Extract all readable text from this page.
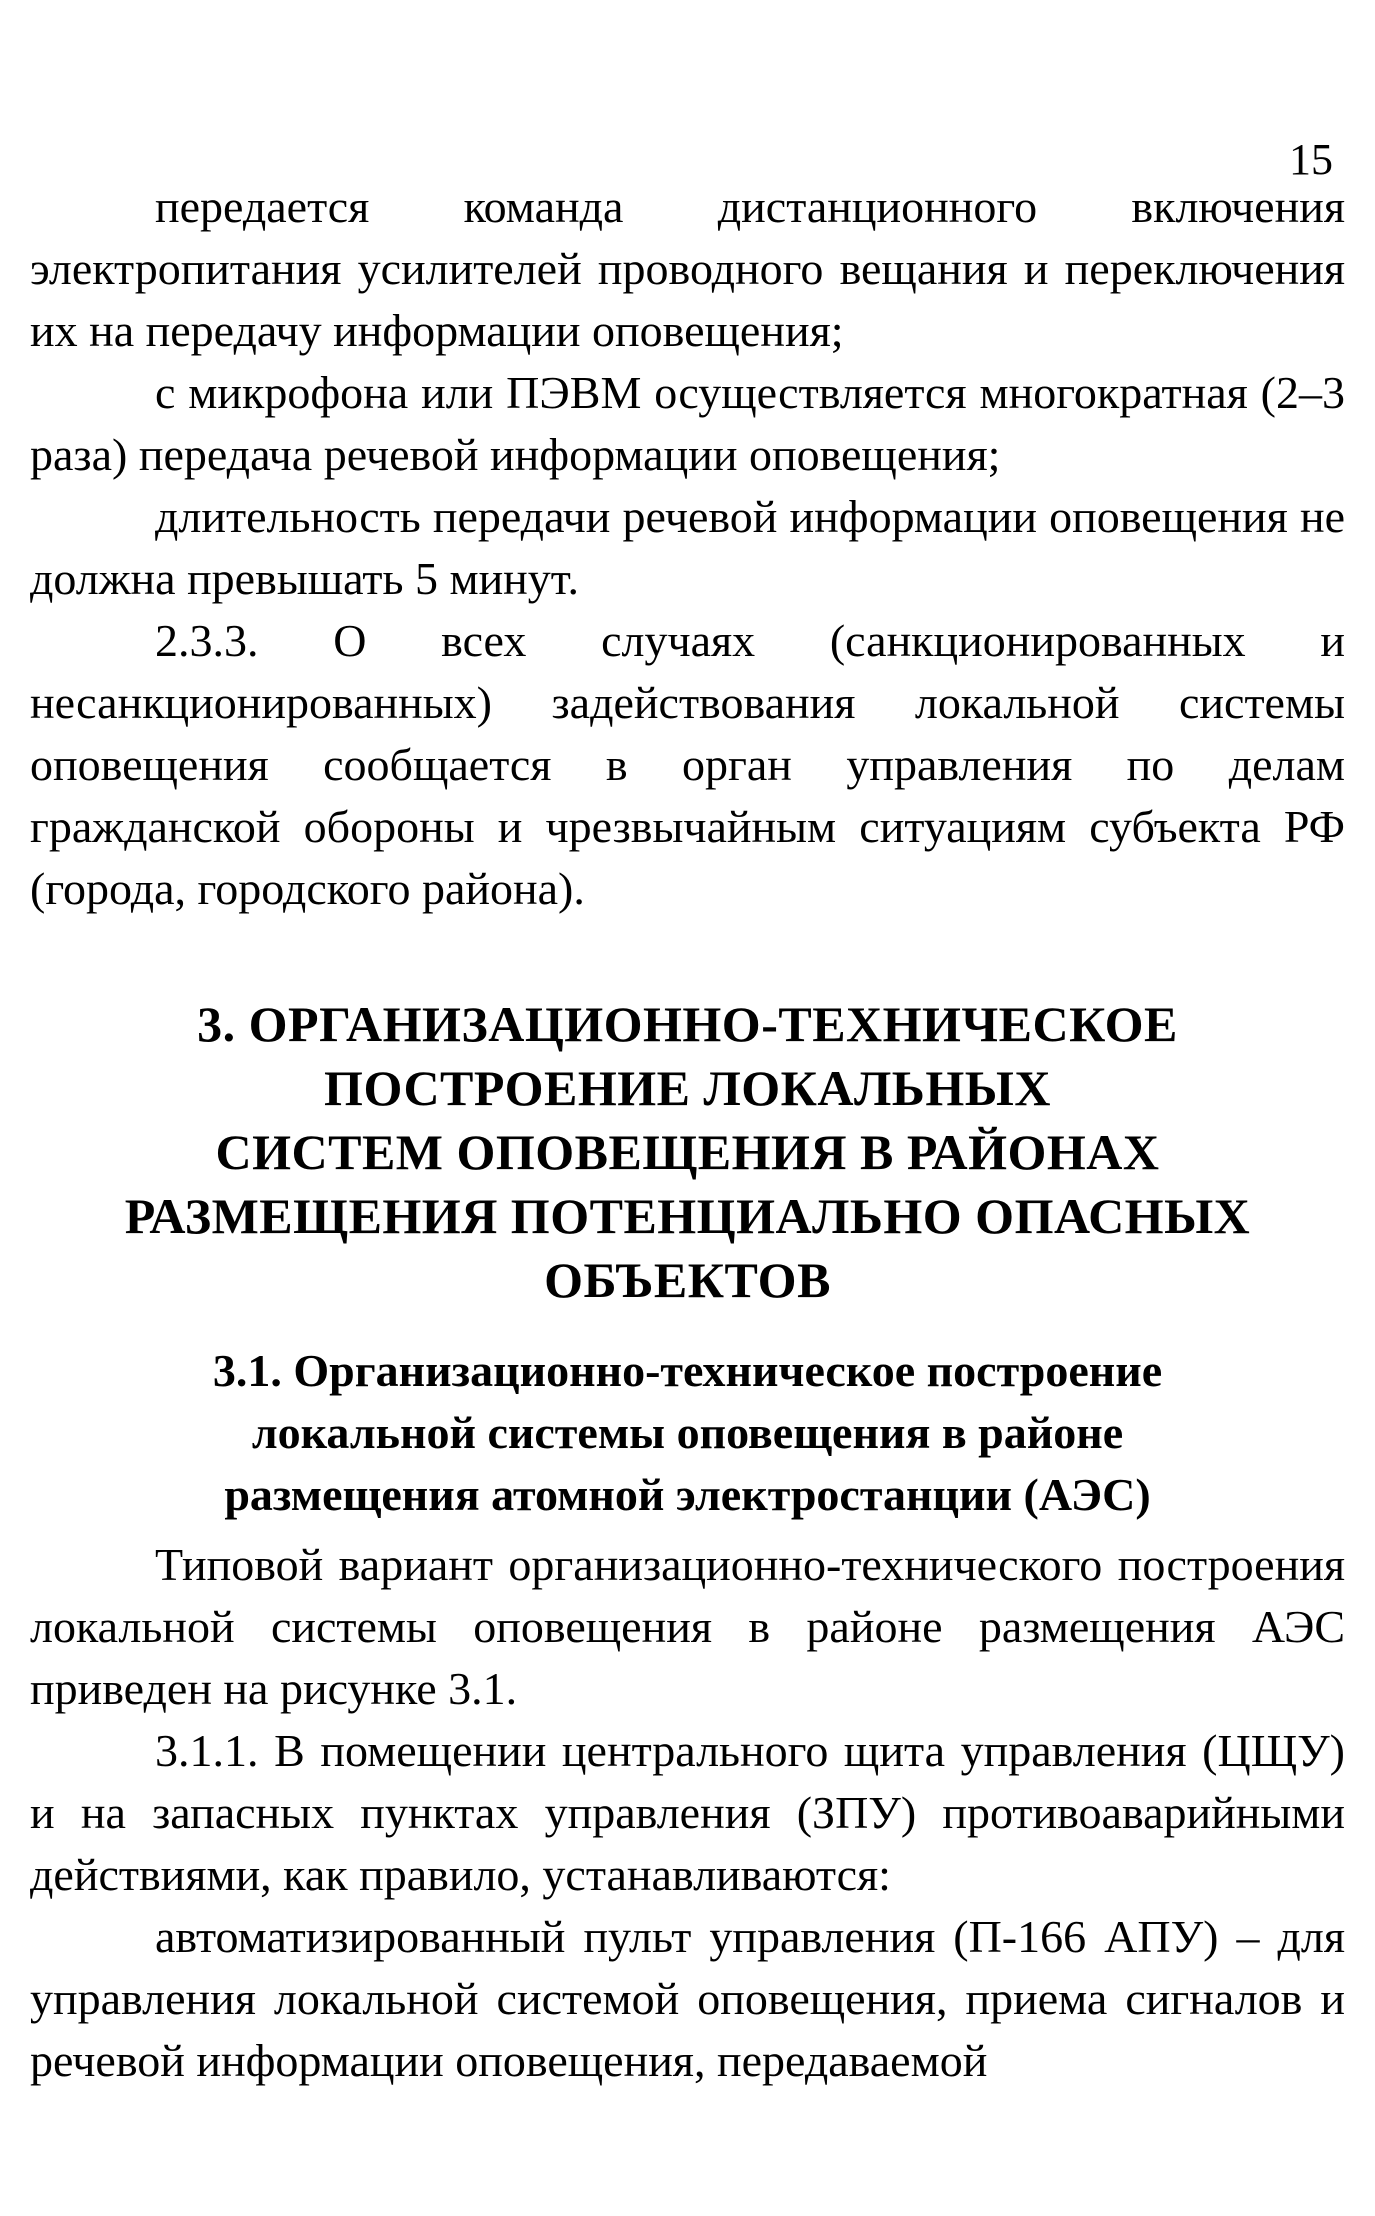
15

передается команда дистанционного включения электропитания усилителей проводного вещания и переключения их на передачу информации оповещения;

с микрофона или ПЭВМ осуществляется многократная (2–3 раза) передача речевой информации оповещения;

длительность передачи речевой информации оповещения не должна превышать 5 минут.

2.3.3. О всех случаях (санкционированных и несанкционированных) задействования локальной системы оповещения сообщается в орган управления по делам гражданской обороны и чрезвычайным ситуациям субъекта РФ (города, городского района).

3. ОРГАНИЗАЦИОННО-ТЕХНИЧЕСКОЕ
ПОСТРОЕНИЕ ЛОКАЛЬНЫХ
СИСТЕМ ОПОВЕЩЕНИЯ В РАЙОНАХ
РАЗМЕЩЕНИЯ ПОТЕНЦИАЛЬНО ОПАСНЫХ
ОБЪЕКТОВ
3.1. Организационно-техническое построение
локальной системы оповещения в районе
размещения атомной электростанции (АЭС)

Типовой вариант организационно-технического построения локальной системы оповещения в районе размещения АЭС приведен на рисунке 3.1.

3.1.1. В помещении центрального щита управления (ЦЩУ) и на запасных пунктах управления (ЗПУ) противоаварийными действиями, как правило, устанавливаются:

автоматизированный пульт управления (П-166 АПУ) – для управления локальной системой оповещения, приема сигналов и речевой информации оповещения, передаваемой
